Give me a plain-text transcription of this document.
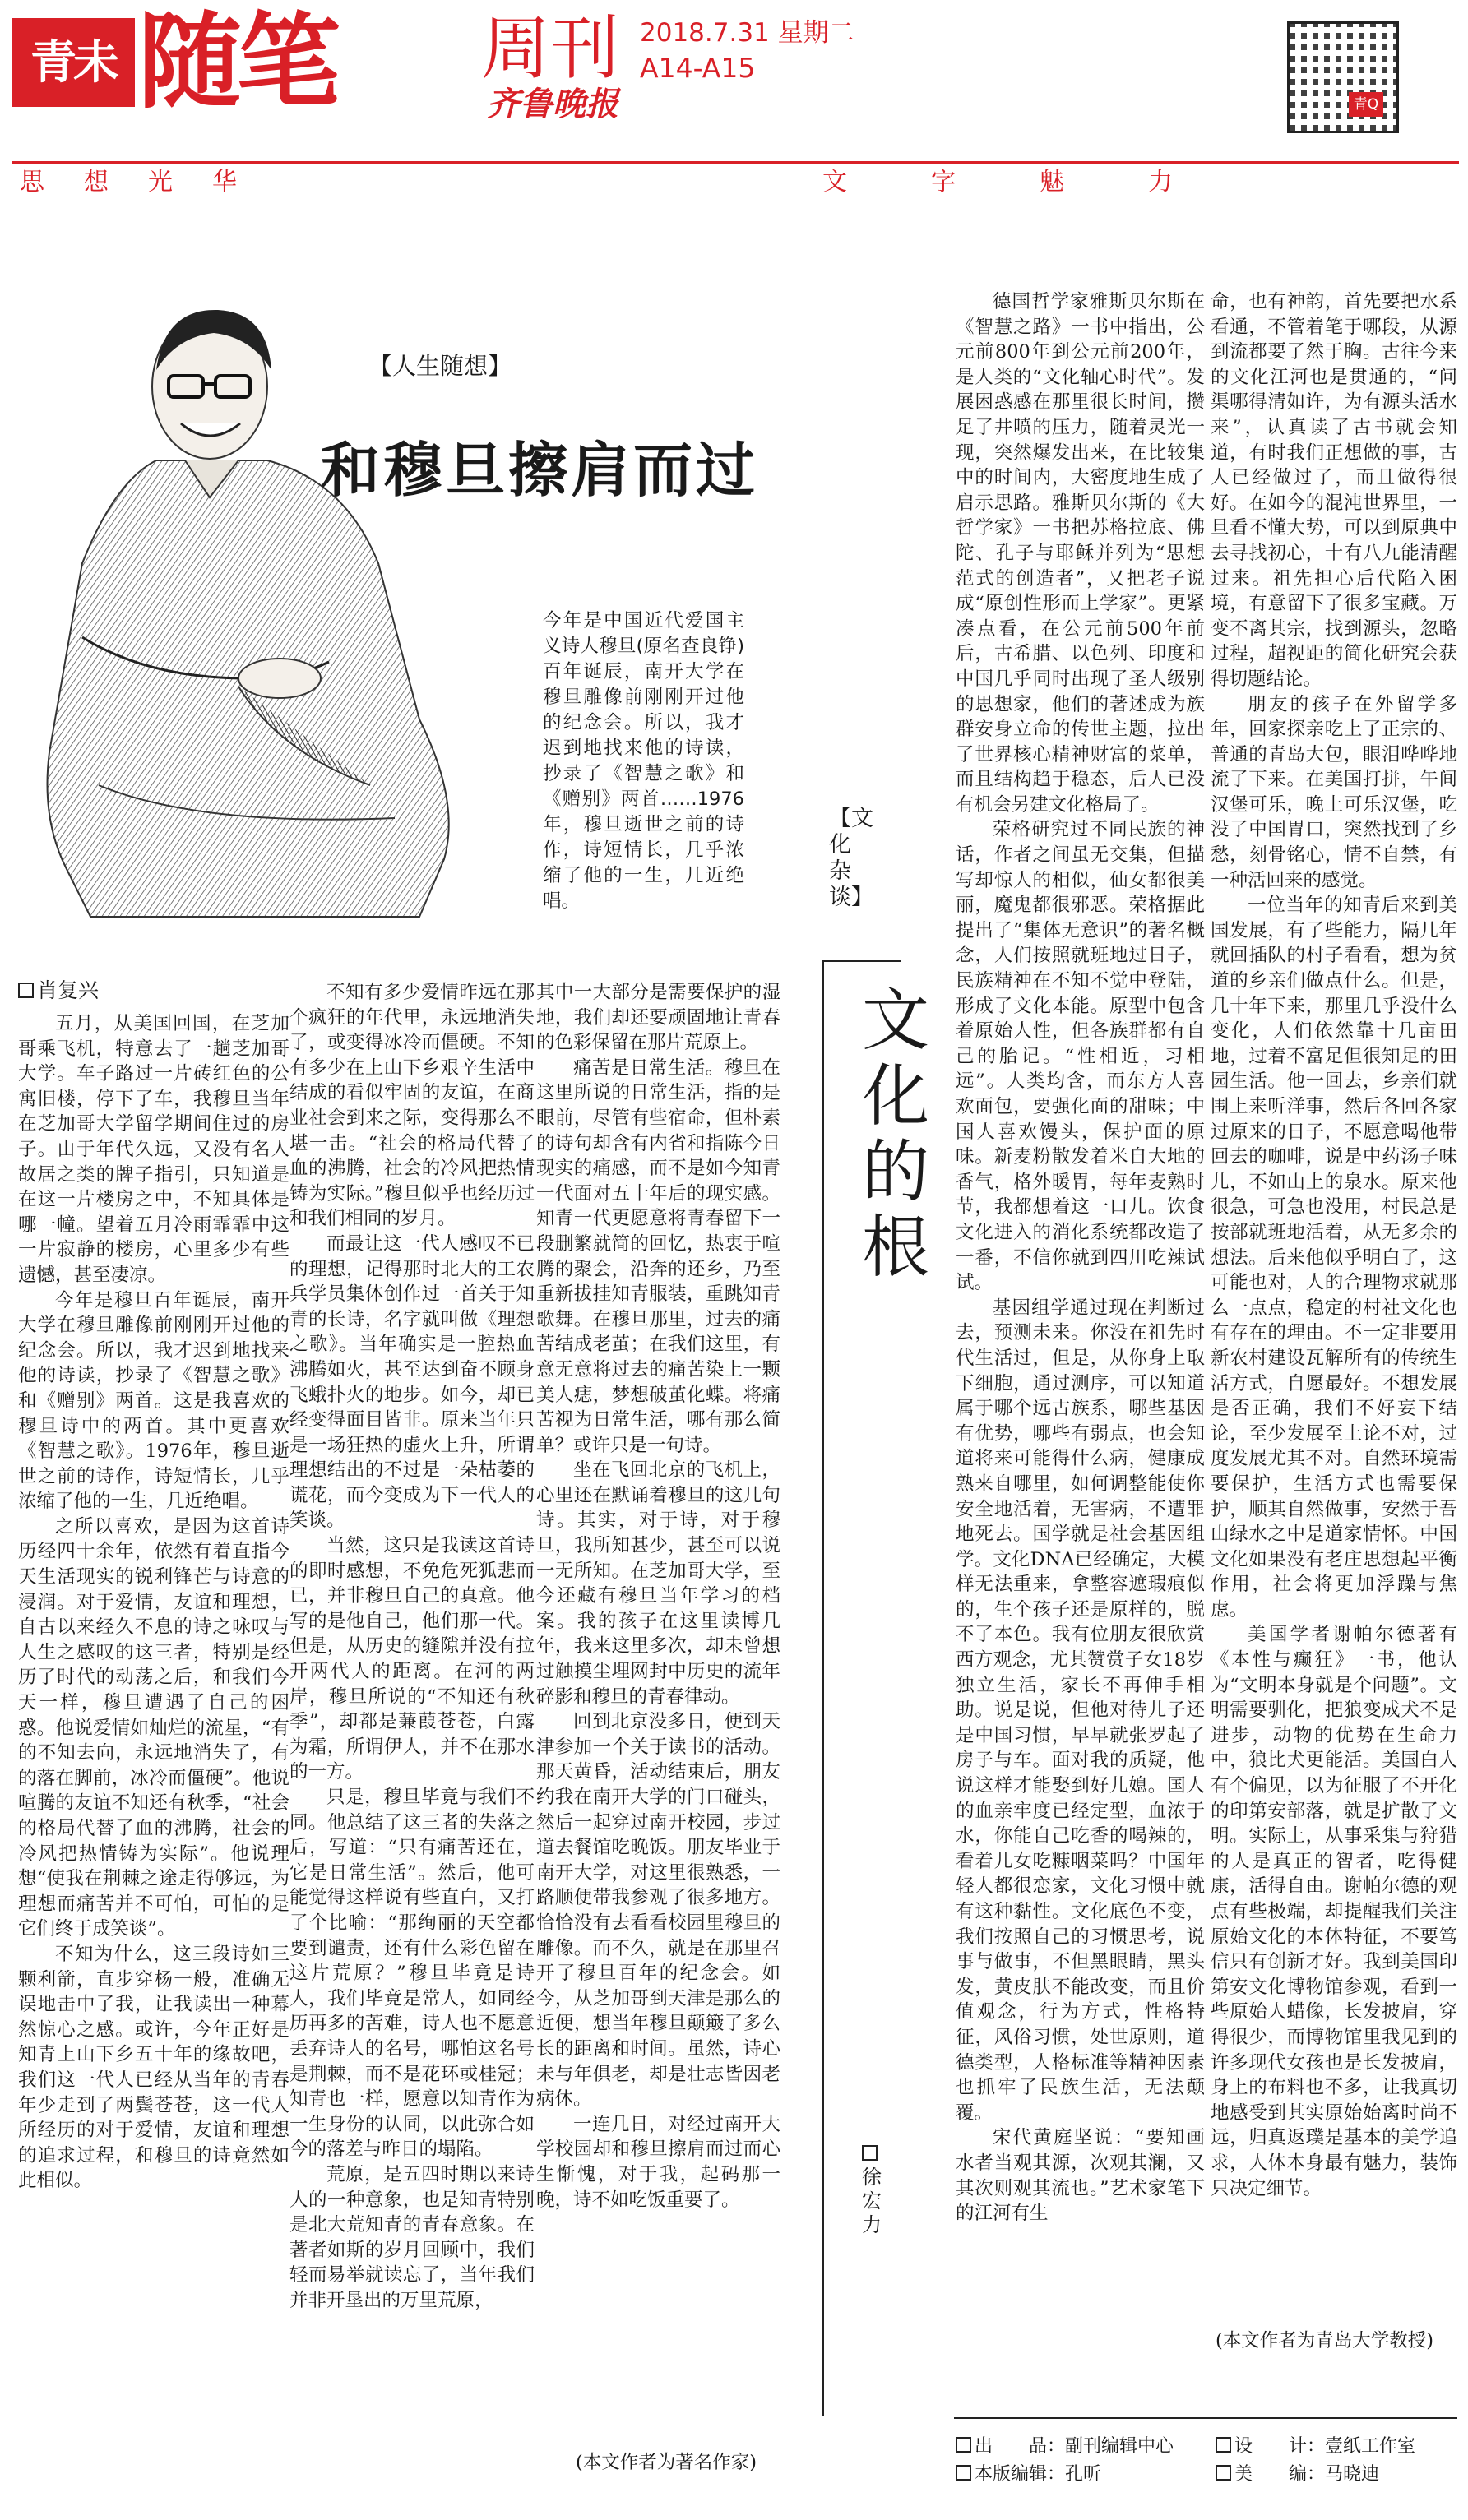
青未了
随笔	周刊
齐鲁晚报
2018.7.31 星期二
A14-A15
青Q
思想光华	文字魅力
【人生随想】
和穆旦擦肩而过
今年是中国近代爱国主义诗人穆旦(原名查良铮)百年诞辰，南开大学在穆旦雕像前刚刚开过他的纪念会。所以，我才迟到地找来他的诗读，抄录了《智慧之歌》和《赠别》两首……1976年，穆旦逝世之前的诗作，诗短情长，几乎浓缩了他的一生，几近绝唱。
肖复兴

五月，从美国回国，在芝加哥乘飞机，特意去了一趟芝加哥大学。车子路过一片砖红色的公寓旧楼，停下了车，我穆旦当年在芝加哥大学留学期间住过的房子。由于年代久远，又没有名人故居之类的牌子指引，只知道是在这一片楼房之中，不知具体是哪一幢。望着五月冷雨霏霏中这一片寂静的楼房，心里多少有些遗憾，甚至凄凉。

今年是穆旦百年诞辰，南开大学在穆旦雕像前刚刚开过他的纪念会。所以，我才迟到地找来他的诗读，抄录了《智慧之歌》和《赠别》两首。这是我喜欢的穆旦诗中的两首。其中更喜欢《智慧之歌》。1976年，穆旦逝世之前的诗作，诗短情长，几乎浓缩了他的一生，几近绝唱。

之所以喜欢，是因为这首诗历经四十余年，依然有着直指今天生活现实的锐利锋芒与诗意的浸润。对于爱情，友谊和理想，自古以来经久不息的诗之咏叹与人生之感叹的这三者，特别是经历了时代的动荡之后，和我们今天一样，穆旦遭遇了自己的困惑。他说爱情如灿烂的流星，“有的不知去向，永远地消失了，有的落在脚前，冰冷而僵硬”。他说喧腾的友谊不知还有秋季，“社会的格局代替了血的沸腾，社会的冷风把热情铸为实际”。他说理想“使我在荆棘之途走得够远，为理想而痛苦并不可怕，可怕的是它们终于成笑谈”。

不知为什么，这三段诗如三颗利箭，直步穿杨一般，准确无误地击中了我，让我读出一种幕然惊心之感。或许，今年正好是知青上山下乡五十年的缘故吧，我们这一代人已经从当年的青春年少走到了两鬓苍苍，这一代人所经历的对于爱情，友谊和理想的追求过程，和穆旦的诗竟然如此相似。

不知有多少爱情昨远在那个疯狂的年代里，永远地消失了，或变得冰冷而僵硬。不知有多少在上山下乡艰辛生活中结成的看似牢固的友谊，在商业社会到来之际，变得那么不堪一击。“社会的格局代替了血的沸腾，社会的冷风把热情铸为实际。”穆旦似乎也经历过和我们相同的岁月。

而最让这一代人感叹不已的理想，记得那时北大的工农兵学员集体创作过一首关于知青的长诗，名字就叫做《理想之歌》。当年确实是一腔热血沸腾如火，甚至达到奋不顾身飞蛾扑火的地步。如今，却已经变得面目皆非。原来当年只是一场狂热的虚火上升，所谓理想结出的不过是一朵枯萎的谎花，而今变成为下一代人的笑谈。

当然，这只是我读这首诗的即时感想，不免危死狐悲而已，并非穆旦自己的真意。他写的是他自己，他们那一代。但是，从历史的缝隙并没有拉开两代人的距离。在河的两岸，穆旦所说的“不知还有秋季”，却都是蒹葭苍苍，白露为霜，所谓伊人，并不在那水的一方。

只是，穆旦毕竟与我们不同。他总结了这三者的失落之后，写道：“只有痛苦还在，它是日常生活”。然后，他可能觉得这样说有些直白，又打了个比喻：“那绚丽的天空都要到谴责，还有什么彩色留在这片荒原？”穆旦毕竟是诗人，我们毕竟是常人，如同经历再多的苦难，诗人也不愿意丢弃诗人的名号，哪怕这名号是荆棘，而不是花环或桂冠；知青也一样，愿意以知青作为一生身份的认同，以此弥合如今的落差与昨日的塌陷。

荒原，是五四时期以来诗人的一种意象，也是知青特别是北大荒知青的青春意象。在著者如斯的岁月回顾中，我们轻而易举就读忘了，当年我们并非开垦出的万里荒原，

其中一大部分是需要保护的湿地，我们却还要顽固地让青春的色彩保留在那片荒原上。

痛苦是日常生活。穆旦在这里所说的日常生活，指的是眼前，尽管有些宿命，但朴素的诗句却含有内省和指陈今日现实的痛感，而不是如今知青一代面对五十年后的现实感。知青一代更愿意将青春留下一段删繁就简的回忆，热衷于喧腾的聚会，沿奔的还乡，乃至重新拔挂知青服装，重跳知青歌舞。在穆旦那里，过去的痛苦结成老茧；在我们这里，有意无意将过去的痛苦染上一颗美人痣，梦想破茧化蝶。将痛苦视为日常生活，哪有那么简单？或许只是一句诗。

坐在飞回北京的飞机上，心里还在默诵着穆旦的这几句诗。其实，对于诗，对于穆旦，我所知甚少，甚至可以说一无所知。在芝加哥大学，至今还藏有穆旦当年学习的档案。我的孩子在这里读博几年，我来这里多次，却未曾想过触摸尘埋网封中历史的流年碎影和穆旦的青春律动。

回到北京没多日，便到天津参加一个关于读书的活动。那天黄昏，活动结束后，朋友约我在南开大学的门口碰头，然后一起穿过南开校园，步过道去餐馆吃晚饭。朋友毕业于南开大学，对这里很熟悉，一路顺便带我参观了很多地方。恰恰没有去看看校园里穆旦的雕像。而不久，就是在那里召开了穆旦百年的纪念会。如今，从芝加哥到天津是那么的近便，想当年穆旦颠簸了多么长的距离和时间。虽然，诗心未与年俱老，却是壮志皆因老病休。

一连几日，对经过南开大学校园却和穆旦擦肩而过而心生惭愧，对于我，起码那一晚，诗不如吃饭重要了。

(本文作者为著名作家)
【文化杂谈】
文化的根
徐宏力

德国哲学家雅斯贝尔斯在《智慧之路》一书中指出，公元前800年到公元前200年，是人类的“文化轴心时代”。发展困惑感在那里很长时间，攒足了井喷的压力，随着灵光一现，突然爆发出来，在比较集中的时间内，大密度地生成了启示思路。雅斯贝尔斯的《大哲学家》一书把苏格拉底、佛陀、孔子与耶稣并列为“思想范式的创造者”，又把老子说成“原创性形而上学家”。更紧凑点看，在公元前500年前后，古希腊、以色列、印度和中国几乎同时出现了圣人级别的思想家，他们的著述成为族群安身立命的传世主题，拉出了世界核心精神财富的菜单，而且结构趋于稳态，后人已没有机会另建文化格局了。

荣格研究过不同民族的神话，作者之间虽无交集，但描写却惊人的相似，仙女都很美丽，魔鬼都很邪恶。荣格据此提出了“集体无意识”的著名概念，人们按照就班地过日子，民族精神在不知不觉中登陆，形成了文化本能。原型中包含着原始人性，但各族群都有自己的胎记。“性相近，习相远”。人类均含，而东方人喜欢面包，要强化面的甜味；中国人喜欢馒头，保护面的原味。新麦粉散发着米自大地的香气，格外暖胃，每年麦熟时节，我都想着这一口儿。饮食文化进入的消化系统都改造了一番，不信你就到四川吃辣试试。

基因组学通过现在判断过去，预测未来。你没在祖先时代生活过，但是，从你身上取下细胞，通过测序，可以知道属于哪个远古族系，哪些基因有优势，哪些有弱点，也会知道将来可能得什么病，健康成熟来自哪里，如何调整能使你安全地活着，无害病，不遭罪地死去。国学就是社会基因组学。文化DNA已经确定，大模样无法重来，拿整容遮瑕痕似的，生个孩子还是原样的，脱不了本色。我有位朋友很欣赏西方观念，尤其赞赏子女18岁独立生活，家长不再伸手相助。说是说，但他对待儿子还是中国习惯，早早就张罗起了房子与车。面对我的质疑，他说这样才能娶到好儿媳。国人的血亲牢度已经定型，血浓于水，你能自己吃香的喝辣的，看着儿女吃糠咽菜吗？中国年轻人都很恋家，文化习惯中就有这种黏性。文化底色不变，我们按照自己的习惯思考，说事与做事，不但黑眼睛，黑头发，黄皮肤不能改变，而且价值观念，行为方式，性格特征，风俗习惯，处世原则，道德类型，人格标准等精神因素也抓牢了民族生活，无法颠覆。

宋代黄庭坚说：“要知画水者当观其源，次观其澜，又其次则观其流也。”艺术家笔下的江河有生

命，也有神韵，首先要把水系看通，不管着笔于哪段，从源到流都要了然于胸。古往今来的文化江河也是贯通的，“问渠哪得清如许，为有源头活水来”，认真读了古书就会知道，有时我们正想做的事，古人已经做过了，而且做得很好。在如今的混沌世界里，一旦看不懂大势，可以到原典中去寻找初心，十有八九能清醒过来。祖先担心后代陷入困境，有意留下了很多宝藏。万变不离其宗，找到源头，忽略过程，超视距的简化研究会获得切题结论。

朋友的孩子在外留学多年，回家探亲吃上了正宗的、普通的青岛大包，眼泪哗哗地流了下来。在美国打拼，午间汉堡可乐，晚上可乐汉堡，吃没了中国胃口，突然找到了乡愁，刻骨铭心，情不自禁，有一种活回来的感觉。

一位当年的知青后来到美国发展，有了些能力，隔几年就回插队的村子看看，想为贫道的乡亲们做点什么。但是，几十年下来，那里几乎没什么变化，人们依然靠十几亩田地，过着不富足但很知足的田园生活。他一回去，乡亲们就围上来听洋事，然后各回各家过原来的日子，不愿意喝他带回去的咖啡，说是中药汤子味儿，不如山上的泉水。原来他很急，可急也没用，村民总是按部就班地活着，从无多余的想法。后来他似乎明白了，这可能也对，人的合理物求就那么一点点，稳定的村社文化也有存在的理由。不一定非要用新农村建设瓦解所有的传统生活方式，自愿最好。不想发展是否正确，我们不好妄下结论，至少发展至上论不对，过度发展尤其不对。自然环境需要保护，生活方式也需要保护，顺其自然做事，安然于吾山绿水之中是道家情怀。中国文化如果没有老庄思想起平衡作用，社会将更加浮躁与焦虑。

美国学者谢帕尔德著有《本性与癫狂》一书，他认为“文明本身就是个问题”。文明需要驯化，把狼变成犬不是进步，动物的优势在生命力中，狼比犬更能活。美国白人有个偏见，以为征服了不开化的印第安部落，就是扩散了文明。实际上，从事采集与狩猎的人是真正的智者，吃得健康，活得自由。谢帕尔德的观点有些极端，却提醒我们关注原始文化的本体特征，不要笃信只有创新才好。我到美国印第安文化博物馆参观，看到一些原始人蜡像，长发披肩，穿得很少，而博物馆里我见到的许多现代女孩也是长发披肩，身上的布料也不多，让我真切地感受到其实原始始离时尚不远，归真返璞是基本的美学追求，人体本身最有魅力，装饰只决定细节。

(本文作者为青岛大学教授)
出　　品：副刊编辑中心
本版编辑：孔昕
设　　计：壹纸工作室
美　　编：马晓迪
